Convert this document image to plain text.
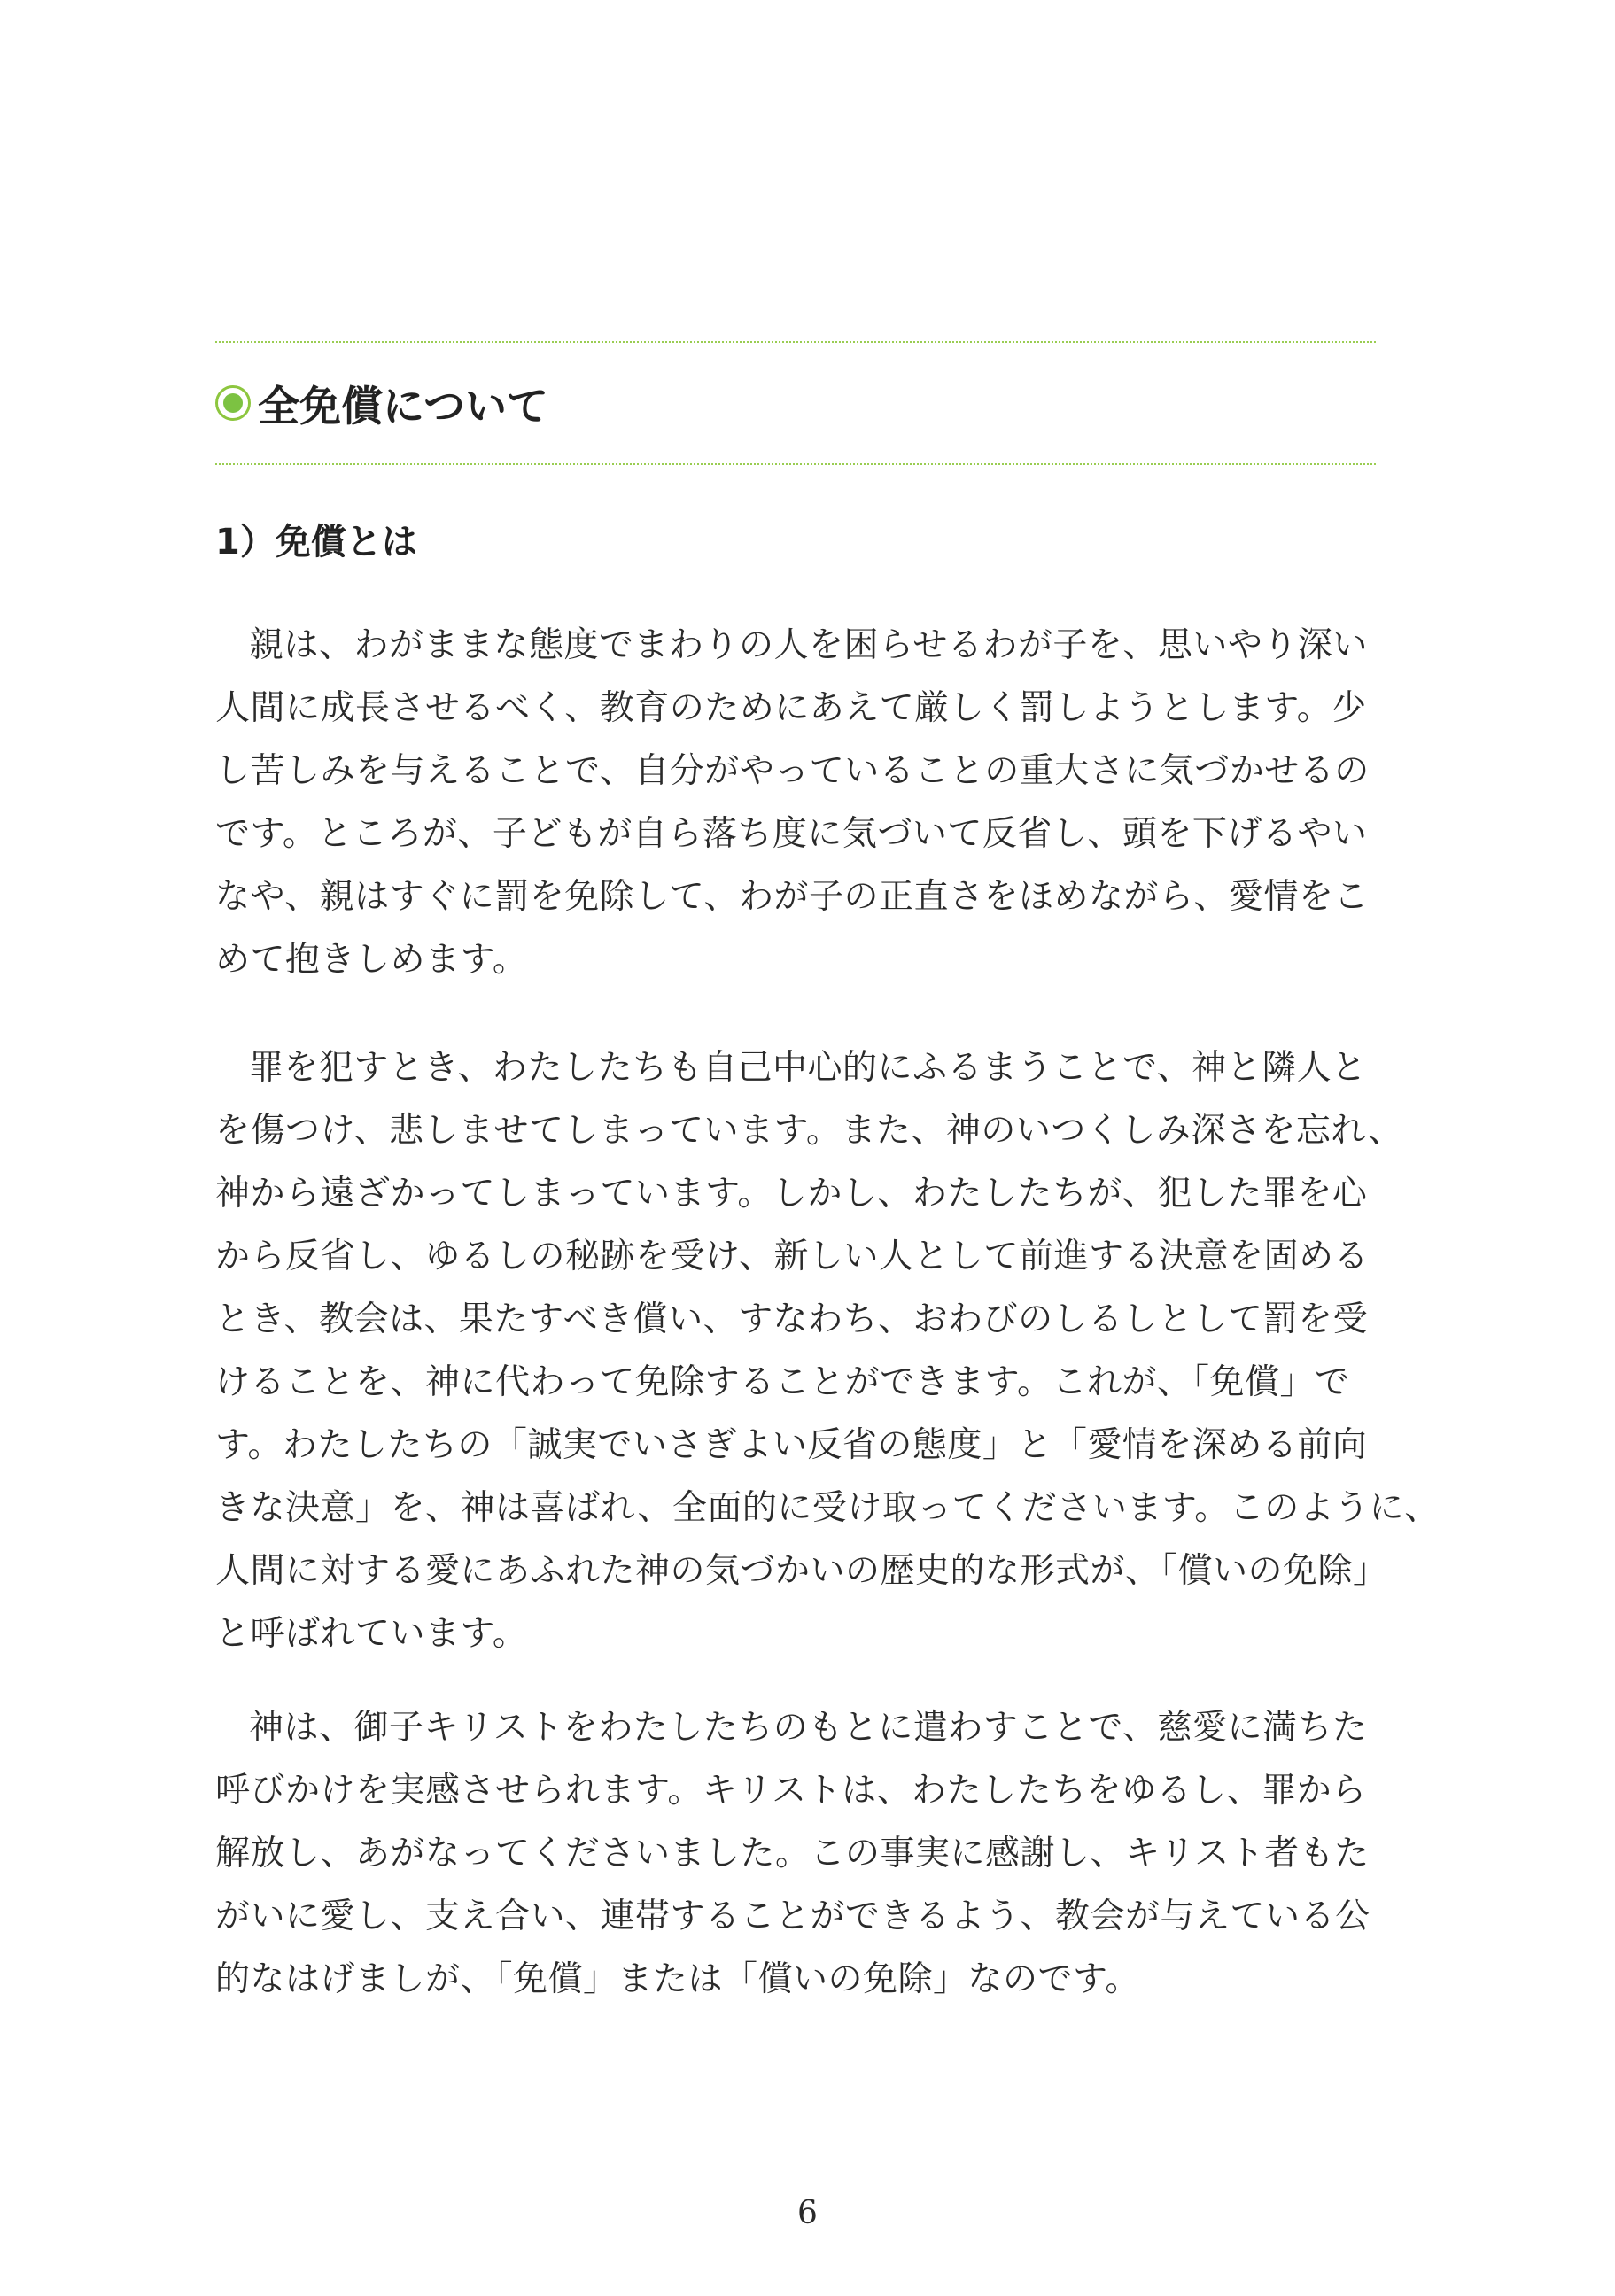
全免償について
1）免償とは
親は、わがままな態度でまわりの人を困らせるわが子を、思いやり深い
人間に成長させるべく、教育のためにあえて厳しく罰しようとします。少
し苦しみを与えることで、自分がやっていることの重大さに気づかせるの
です。ところが、子どもが自ら落ち度に気づいて反省し、頭を下げるやい
なや、親はすぐに罰を免除して、わが子の正直さをほめながら、愛情をこ
めて抱きしめます。
罪を犯すとき、わたしたちも自己中心的にふるまうことで、神と隣人と
を傷つけ、悲しませてしまっています。また、神のいつくしみ深さを忘れ、
神から遠ざかってしまっています。しかし、わたしたちが、犯した罪を心
から反省し、ゆるしの秘跡を受け、新しい人として前進する決意を固める
とき、教会は、果たすべき償い、すなわち、おわびのしるしとして罰を受
けることを、神に代わって免除することができます。これが、「免償」で
す。わたしたちの「誠実でいさぎよい反省の態度」と「愛情を深める前向
きな決意」を、神は喜ばれ、全面的に受け取ってくださいます。このように、
人間に対する愛にあふれた神の気づかいの歴史的な形式が、「償いの免除」
と呼ばれています。
神は、御子キリストをわたしたちのもとに遣わすことで、慈愛に満ちた
呼びかけを実感させられます。キリストは、わたしたちをゆるし、罪から
解放し、あがなってくださいました。この事実に感謝し、キリスト者もた
がいに愛し、支え合い、連帯することができるよう、教会が与えている公
的なはげましが、「免償」または「償いの免除」なのです。
6
